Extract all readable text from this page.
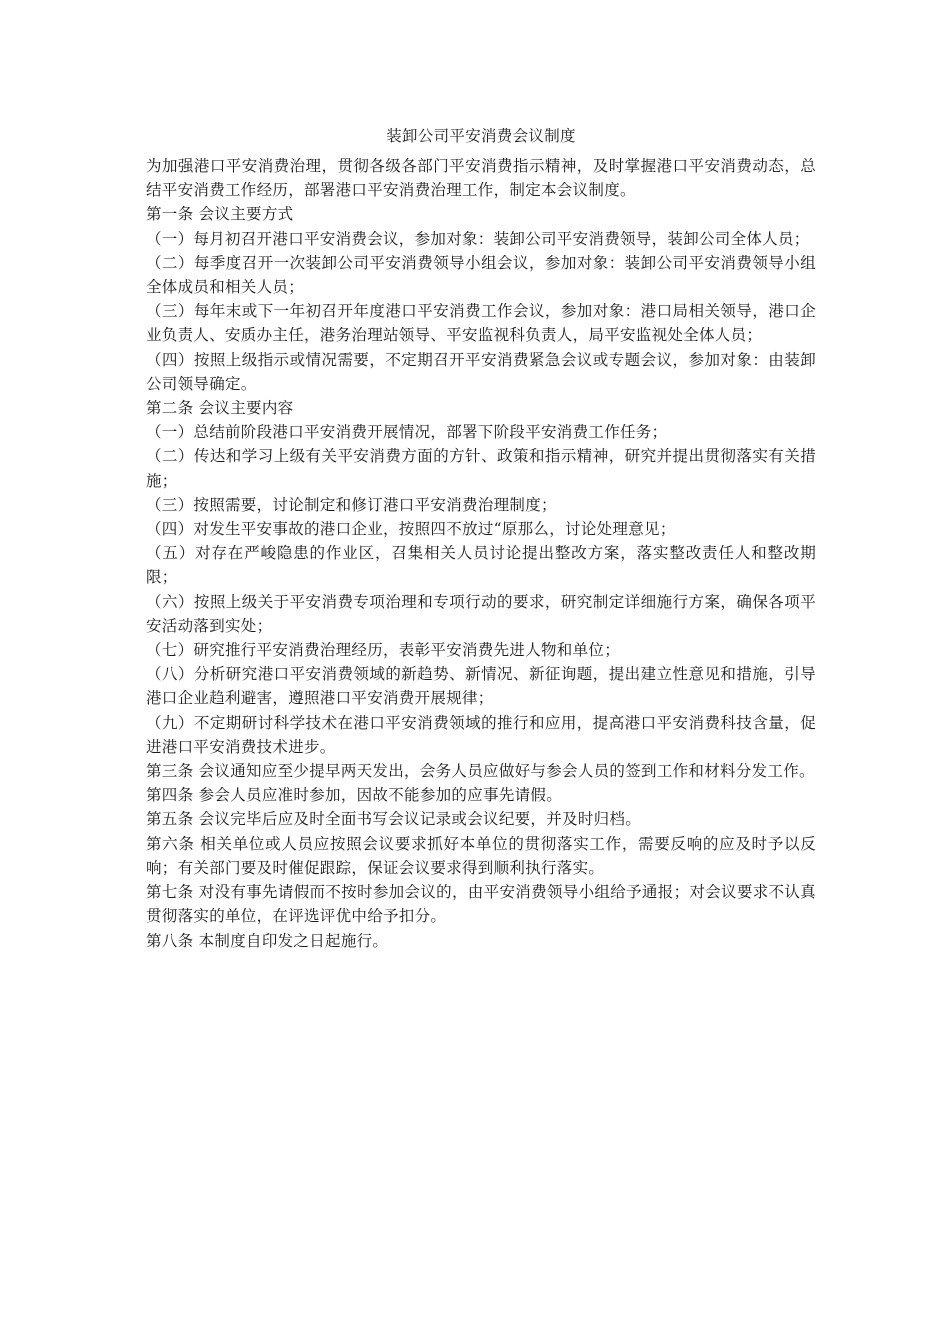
装卸公司平安消费会议制度

为加强港口平安消费治理，贯彻各级各部门平安消费指示精神，及时掌握港口平安消费动态，总结平安消费工作经历，部署港口平安消费治理工作，制定本会议制度。

第一条 会议主要方式

（一）每月初召开港口平安消费会议，参加对象：装卸公司平安消费领导，装卸公司全体人员；

（二）每季度召开一次装卸公司平安消费领导小组会议，参加对象：装卸公司平安消费领导小组全体成员和相关人员；

（三）每年末或下一年初召开年度港口平安消费工作会议，参加对象：港口局相关领导，港口企业负责人、安质办主任，港务治理站领导、平安监视科负责人，局平安监视处全体人员；

（四）按照上级指示或情况需要，不定期召开平安消费紧急会议或专题会议，参加对象：由装卸公司领导确定。

第二条 会议主要内容

（一）总结前阶段港口平安消费开展情况，部署下阶段平安消费工作任务；

（二）传达和学习上级有关平安消费方面的方针、政策和指示精神，研究并提出贯彻落实有关措施；

（三）按照需要，讨论制定和修订港口平安消费治理制度；

（四）对发生平安事故的港口企业，按照四不放过“原那么，讨论处理意见；

（五）对存在严峻隐患的作业区，召集相关人员讨论提出整改方案，落实整改责任人和整改期限；

（六）按照上级关于平安消费专项治理和专项行动的要求，研究制定详细施行方案，确保各项平安活动落到实处；

（七）研究推行平安消费治理经历，表彰平安消费先进人物和单位；

（八）分析研究港口平安消费领域的新趋势、新情况、新征询题，提出建立性意见和措施，引导港口企业趋利避害，遵照港口平安消费开展规律；

（九）不定期研讨科学技术在港口平安消费领域的推行和应用，提高港口平安消费科技含量，促进港口平安消费技术进步。

第三条 会议通知应至少提早两天发出，会务人员应做好与参会人员的签到工作和材料分发工作。

第四条 参会人员应准时参加，因故不能参加的应事先请假。

第五条 会议完毕后应及时全面书写会议记录或会议纪要，并及时归档。

第六条 相关单位或人员应按照会议要求抓好本单位的贯彻落实工作，需要反响的应及时予以反响；有关部门要及时催促跟踪，保证会议要求得到顺利执行落实。

第七条 对没有事先请假而不按时参加会议的，由平安消费领导小组给予通报；对会议要求不认真贯彻落实的单位，在评选评优中给予扣分。

第八条 本制度自印发之日起施行。
